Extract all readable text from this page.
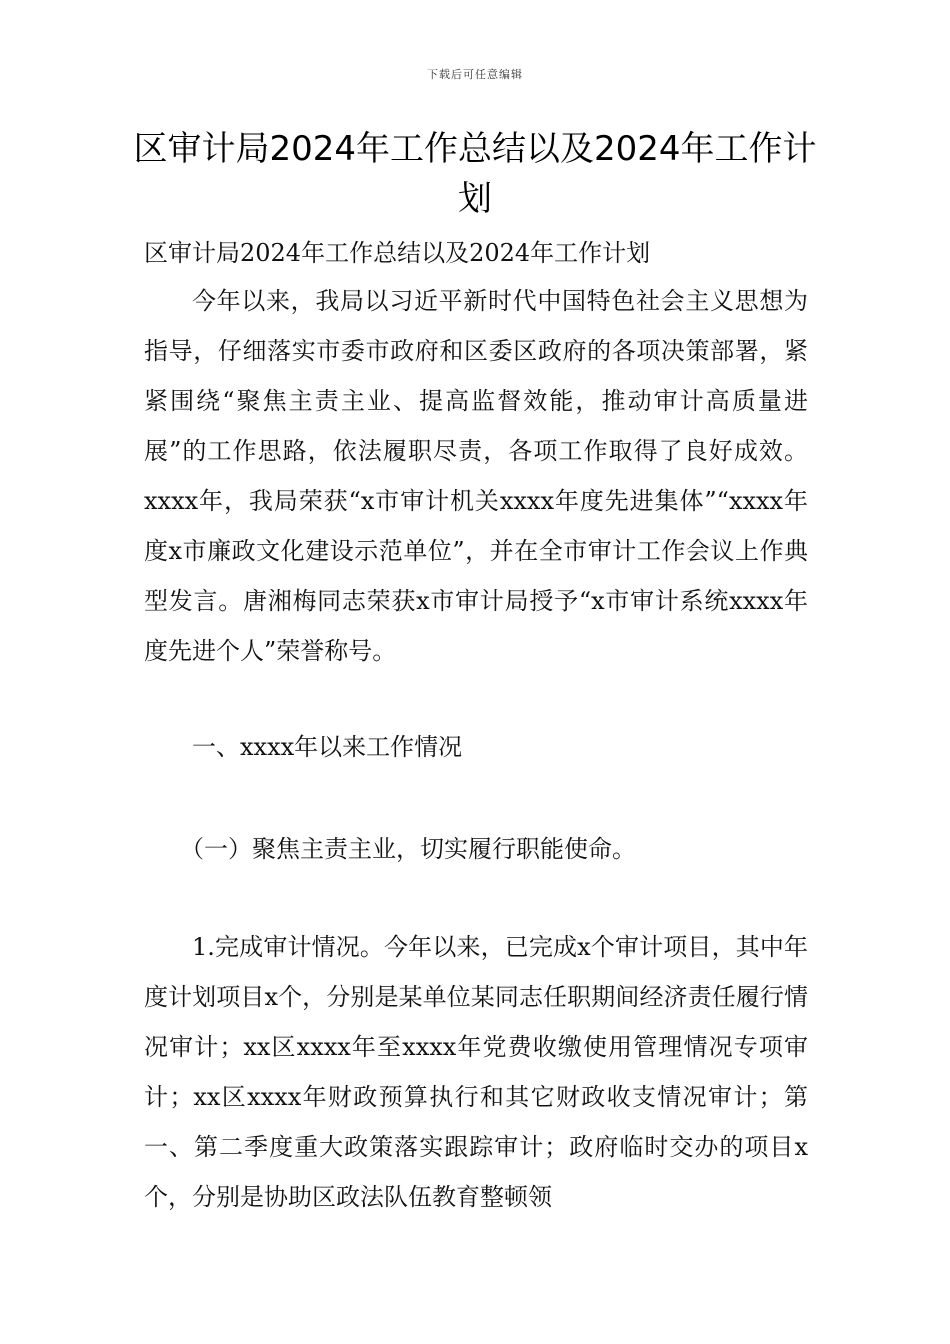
下载后可任意编辑
区审计局2024年工作总结以及2024年工作计划

区审计局2024年工作总结以及2024年工作计划

今年以来，我局以习近平新时代中国特色社会主义思想为指导，仔细落实市委市政府和区委区政府的各项决策部署，紧紧围绕“聚焦主责主业、提高监督效能，推动审计高质量进展”的工作思路，依法履职尽责，各项工作取得了良好成效。xxxx年，我局荣获“x市审计机关xxxx年度先进集体”“xxxx年度x市廉政文化建设示范单位”，并在全市审计工作会议上作典型发言。唐湘梅同志荣获x市审计局授予“x市审计系统xxxx年度先进个人”荣誉称号。

一、xxxx年以来工作情况

（一）聚焦主责主业，切实履行职能使命。

1.完成审计情况。今年以来，已完成x个审计项目，其中年度计划项目x个，分别是某单位某同志任职期间经济责任履行情况审计；xx区xxxx年至xxxx年党费收缴使用管理情况专项审计；xx区xxxx年财政预算执行和其它财政收支情况审计；第一、第二季度重大政策落实跟踪审计；政府临时交办的项目x个，分别是协助区政法队伍教育整顿领
